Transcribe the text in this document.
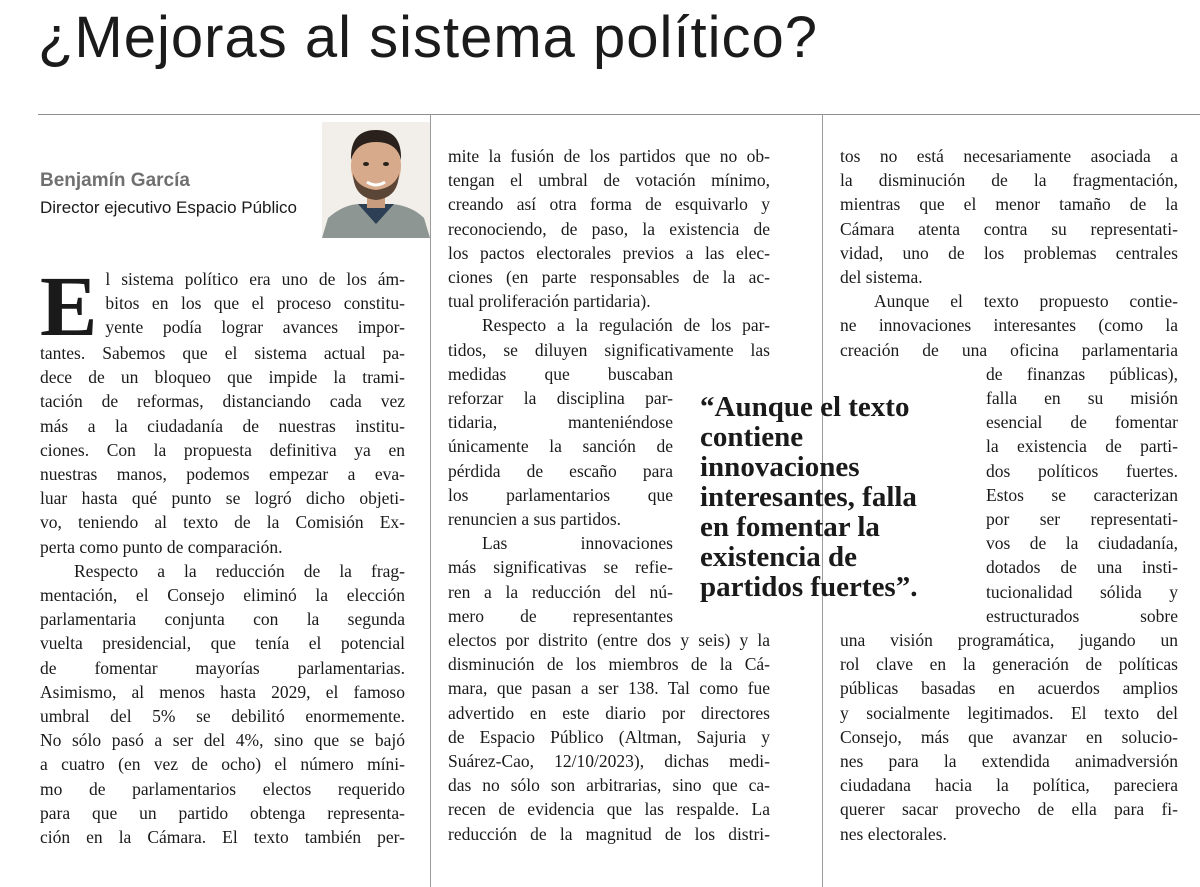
¿Mejoras al sistema político?

Benjamín García

Director ejecutivo Espacio Público

E l sistema político era uno de los ám-
bitos en los que el proceso constitu-
yente podía lograr avances impor-
tantes. Sabemos que el sistema actual pa-
dece de un bloqueo que impide la trami-
tación de reformas, distanciando cada vez
más a la ciudadanía de nuestras institu-
ciones. Con la propuesta definitiva ya en
nuestras manos, podemos empezar a eva-
luar hasta qué punto se logró dicho objeti-
vo, teniendo al texto de la Comisión Ex-
perta como punto de comparación.
Respecto a la reducción de la frag-
mentación, el Consejo eliminó la elección
parlamentaria conjunta con la segunda
vuelta presidencial, que tenía el potencial
de fomentar mayorías parlamentarias.
Asimismo, al menos hasta 2029, el famoso
umbral del 5% se debilitó enormemente.
No sólo pasó a ser del 4%, sino que se bajó
a cuatro (en vez de ocho) el número míni-
mo de parlamentarios electos requerido
para que un partido obtenga representa-
ción en la Cámara. El texto también per-
mite la fusión de los partidos que no ob-
tengan el umbral de votación mínimo,
creando así otra forma de esquivarlo y
reconociendo, de paso, la existencia de
los pactos electorales previos a las elec-
ciones (en parte responsables de la ac-
tual proliferación partidaria).
Respecto a la regulación de los par-
tidos, se diluyen significativamente las
medidas que buscaban
reforzar la disciplina par-
tidaria, manteniéndose
únicamente la sanción de
pérdida de escaño para
los parlamentarios que
renuncien a sus partidos.
Las innovaciones
más significativas se refie-
ren a la reducción del nú-
mero de representantes
electos por distrito (entre dos y seis) y la
disminución de los miembros de la Cá-
mara, que pasan a ser 138. Tal como fue
advertido en este diario por directores
de Espacio Público (Altman, Sajuria y
Suárez-Cao, 12/10/2023), dichas medi-
das no sólo son arbitrarias, sino que ca-
recen de evidencia que las respalde. La
reducción de la magnitud de los distri-
“Aunque el texto
contiene
innovaciones
interesantes, falla
en fomentar la
existencia de
partidos fuertes”.
tos no está necesariamente asociada a
la disminución de la fragmentación,
mientras que el menor tamaño de la
Cámara atenta contra su representati-
vidad, uno de los problemas centrales
del sistema.
Aunque el texto propuesto contie-
ne innovaciones interesantes (como la
creación de una oficina parlamentaria
de finanzas públicas),
falla en su misión
esencial de fomentar
la existencia de parti-
dos políticos fuertes.
Estos se caracterizan
por ser representati-
vos de la ciudadanía,
dotados de una insti-
tucionalidad sólida y
estructurados sobre
una visión programática, jugando un
rol clave en la generación de políticas
públicas basadas en acuerdos amplios
y socialmente legitimados. El texto del
Consejo, más que avanzar en solucio-
nes para la extendida animadversión
ciudadana hacia la política, pareciera
querer sacar provecho de ella para fi-
nes electorales.
